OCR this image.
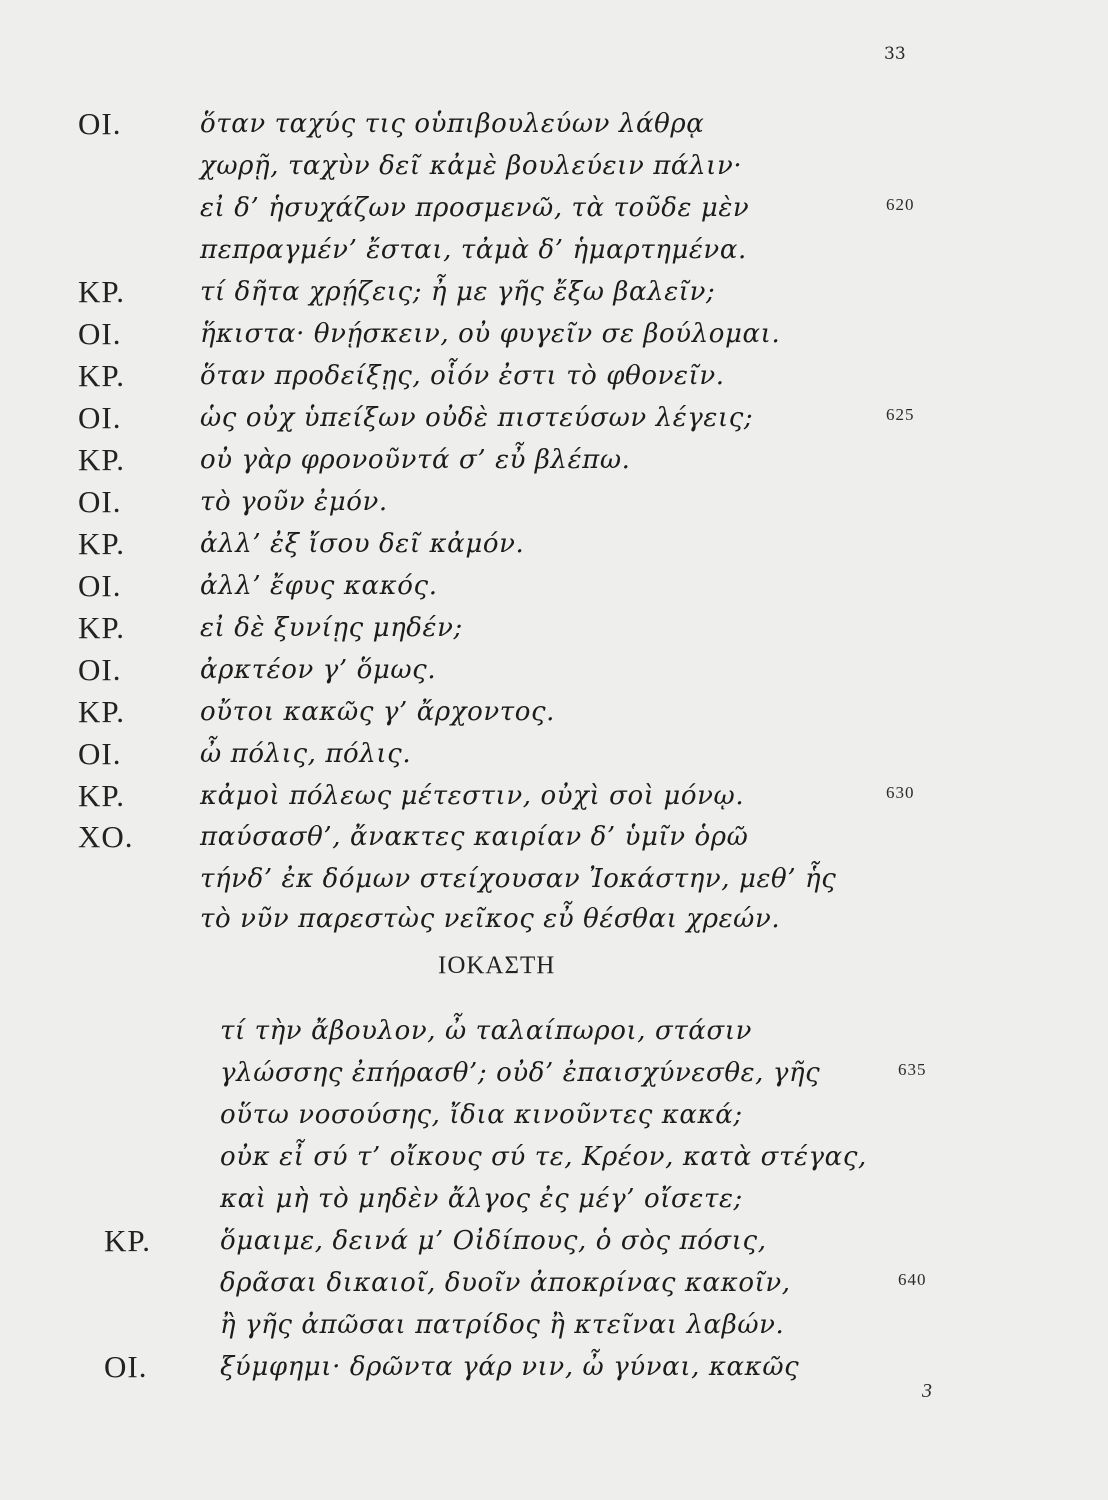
33
ΟΙ.	ὅταν ταχύς τις οὑπιβουλεύων λάθρᾳ
χωρῇ, ταχὺν δεῖ κἀμὲ βουλεύειν πάλιν·
εἰ δ’ ἡσυχάζων προσμενῶ, τὰ τοῦδε μὲν	620
πεπραγμέν’ ἔσται, τἀμὰ δ’ ἡμαρτημένα.
ΚΡ.	τί δῆτα χρῄζεις; ἦ με γῆς ἔξω βαλεῖν;
ΟΙ.	ἥκιστα· θνῄσκειν, οὐ φυγεῖν σε βούλομαι.
ΚΡ.	ὅταν προδείξῃς, οἷόν ἐστι τὸ φθονεῖν.
ΟΙ.	ὡς οὐχ ὑπείξων οὐδὲ πιστεύσων λέγεις;	625
ΚΡ.	οὐ γὰρ φρονοῦντά σ’ εὖ βλέπω.
ΟΙ.	τὸ γοῦν ἐμόν.
ΚΡ.	ἀλλ’ ἐξ ἴσου δεῖ κἀμόν.
ΟΙ.	ἀλλ’ ἔφυς κακός.
ΚΡ.	εἰ δὲ ξυνίῃς μηδέν;
ΟΙ.	ἀρκτέον γ’ ὅμως.
ΚΡ.	οὔτοι κακῶς γ’ ἄρχοντος.
ΟΙ.	ὦ πόλις, πόλις.
ΚΡ.	κἀμοὶ πόλεως μέτεστιν, οὐχὶ σοὶ μόνῳ.	630
ΧΟ.	παύσασθ’, ἄνακτες καιρίαν δ’ ὑμῖν ὁρῶ
τήνδ’ ἐκ δόμων στείχουσαν Ἰοκάστην, μεθ’ ἧς
τὸ νῦν παρεστὼς νεῖκος εὖ θέσθαι χρεών.
τί τὴν ἄβουλον, ὦ ταλαίπωροι, στάσιν
γλώσσης ἐπήρασθ’; οὐδ’ ἐπαισχύνεσθε, γῆς	635
οὕτω νοσούσης, ἴδια κινοῦντες κακά;
οὐκ εἶ σύ τ’ οἴκους σύ τε, Κρέον, κατὰ στέγας,
καὶ μὴ τὸ μηδὲν ἄλγος ἐς μέγ’ οἴσετε;
ΚΡ.	ὅμαιμε, δεινά μ’ Οἰδίπους, ὁ σὸς πόσις,
δρᾶσαι δικαιοῖ, δυοῖν ἀποκρίνας κακοῖν,	640
ἢ γῆς ἀπῶσαι πατρίδος ἢ κτεῖναι λαβών.
ΟΙ.	ξύμφημι· δρῶντα γάρ νιν, ὦ γύναι, κακῶς
ΙΟΚΑΣΤΗ
3
